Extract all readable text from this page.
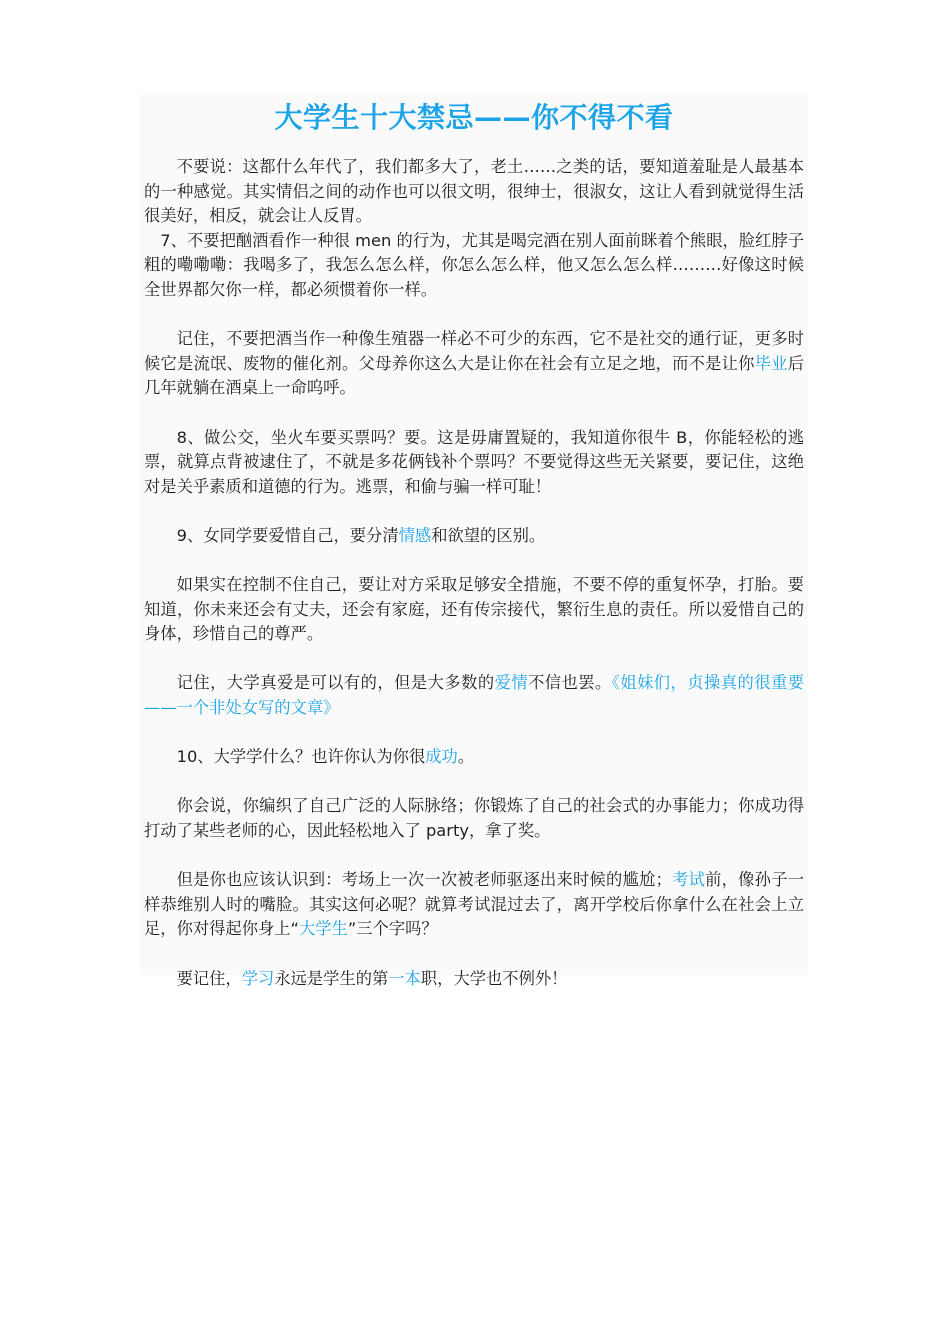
大学生十大禁忌——你不得不看

不要说：这都什么年代了，我们都多大了，老土……之类的话，要知道羞耻是人最基本的一种感觉。其实情侣之间的动作也可以很文明，很绅士，很淑女，这让人看到就觉得生活很美好，相反，就会让人反胃。

7、不要把酗酒看作一种很 men 的行为，尤其是喝完酒在别人面前眯着个熊眼，脸红脖子粗的嘞嘞嘞：我喝多了，我怎么怎么样，你怎么怎么样，他又怎么怎么样………好像这时候全世界都欠你一样，都必须惯着你一样。

记住，不要把酒当作一种像生殖器一样必不可少的东西，它不是社交的通行证，更多时候它是流氓、废物的催化剂。父母养你这么大是让你在社会有立足之地，而不是让你毕业后几年就躺在酒桌上一命呜呼。

8、做公交，坐火车要买票吗？要。这是毋庸置疑的，我知道你很牛 B，你能轻松的逃票，就算点背被逮住了，不就是多花俩钱补个票吗？不要觉得这些无关紧要，要记住，这绝对是关乎素质和道德的行为。逃票，和偷与骗一样可耻！

9、女同学要爱惜自己，要分清情感和欲望的区别。

如果实在控制不住自己，要让对方采取足够安全措施，不要不停的重复怀孕，打胎。要知道，你未来还会有丈夫，还会有家庭，还有传宗接代，繁衍生息的责任。所以爱惜自己的身体，珍惜自己的尊严。

记住，大学真爱是可以有的，但是大多数的爱情不信也罢。《姐妹们，贞操真的很重要——一个非处女写的文章》

10、大学学什么？也许你认为你很成功。

你会说，你编织了自己广泛的人际脉络；你锻炼了自己的社会式的办事能力；你成功得打动了某些老师的心，因此轻松地入了 party，拿了奖。

但是你也应该认识到：考场上一次一次被老师驱逐出来时候的尴尬；考试前，像孙子一样恭维别人时的嘴脸。其实这何必呢？就算考试混过去了，离开学校后你拿什么在社会上立足，你对得起你身上“大学生”三个字吗？

要记住，学习永远是学生的第一本职，大学也不例外！
